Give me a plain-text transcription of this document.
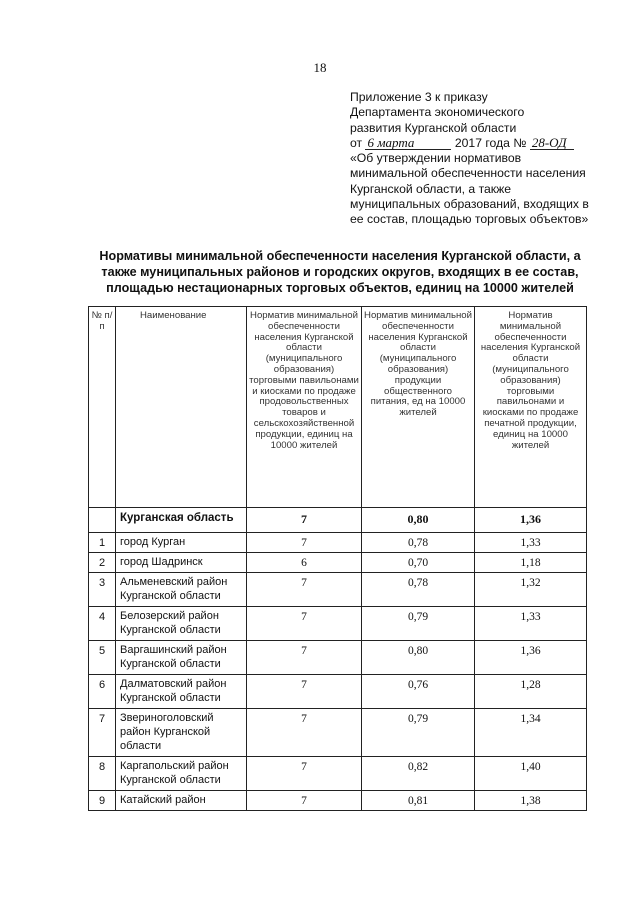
18
Приложение 3 к приказу
Департамента экономического
развития Курганской области
от 6 марта	2017 года № 28-ОД
«Об утверждении нормативов
минимальной обеспеченности населения
Курганской области, а также
муниципальных образований, входящих в
ее состав, площадью торговых объектов»
Нормативы минимальной обеспеченности населения Курганской области, а
также муниципальных районов и городских округов, входящих в ее состав,
площадью нестационарных торговых объектов, единиц на 10000 жителей
№ п/п	Наименование	Норматив минимальной обеспеченности населения Курганской области (муниципального образования) торговыми павильонами и киосками по продаже продовольственных товаров и сельскохозяйственной продукции, единиц на 10000 жителей	Норматив минимальной обеспеченности населения Курганской области (муниципального образования) продукции общественного питания, ед на 10000 жителей	Норматив минимальной обеспеченности населения Курганской области (муниципального образования) торговыми павильонами и киосками по продаже печатной продукции, единиц на 10000 жителей
	Курганская область	7	0,80	1,36
1	город Курган	7	0,78	1,33
2	город Шадринск	6	0,70	1,18
3	Альменевский район Курганской области	7	0,78	1,32
4	Белозерский район Курганской области	7	0,79	1,33
5	Варгашинский район Курганской области	7	0,80	1,36
6	Далматовский район Курганской области	7	0,76	1,28
7	Звериноголовский район Курганской области	7	0,79	1,34
8	Каргапольский район Курганской области	7	0,82	1,40
9	Катайский район	7	0,81	1,38
